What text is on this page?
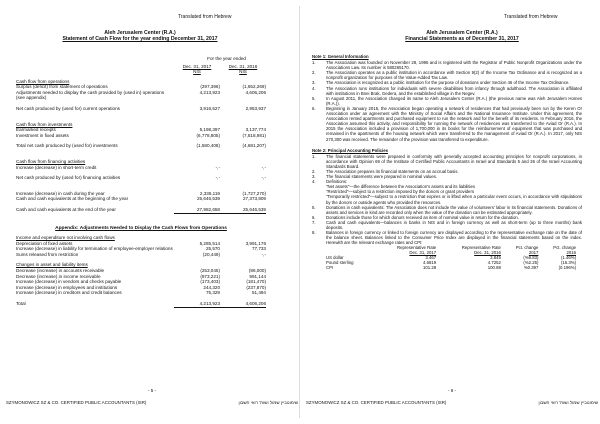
Translated from Hebrew
Aleh Jerusalem Center (R.A.)
Statement of Cash Flow for the year ending December 31, 2017
For the year ended
Dec. 31, 2017
NIS
Dec. 31, 2016
NIS
Cash flow from operations
Surplus (deficit) from statement of operations	(297,396)	(1,652,269)
Adjustments needed to display the cash provided by (used in) operations (see appendix)
4,213,923	4,606,206
Net cash produced by (used for) current operations	3,916,527	2,953,937
Cash flow from investments
Earmarked receipts	5,198,397	3,137,774
Investment in fixed assets	(6,778,805)	(7,818,981)
Total net cash produced by (used for) investments	(1,580,408)	(4,681,207)
Cash flow from financing activities
Increase (decrease) in short-term credit	-,-	-,-
Net cash produced by (used for) financing activities	-,-	-,-
Increase (decrease) in cash during the year	2,336,119	(1,727,270)
Cash and cash equivalents at the beginning of the year	25,646,539	27,373,809
Cash and cash equivalents at the end of the year	27,982,658	25,646,539
Appendix: Adjustments Needed to Display the Cash Flows from Operations
Income and expenditure not involving cash flows
Depreciation of fixed assets	5,285,514	3,991,176
Increase (decrease) in liability for termination of employee-employer relations	25,570	77,733
Sums released from restriction	(20,449)	-,-
Changes in asset and liability items
Decrease (increase) in accounts receivable	(253,045)	(86,000)
Decrease (increase) in income receivable	(973,221)	991,144
Increase (decrease) in vendors and checks payable	(173,403)	(181,470)
Increase (decrease) in employees and institutions	244,320	(237,870)
Increase (decrease) in creditors and credit balances	75,329	51,494
Total	4,213,923	4,606,206
- 5 -
SZYMONOWICZ SZ & CO. CERTIFIED PUBLIC ACCOUNTANTS (ISR)	שימונוביץ שמול ושות' רואי חשבון
Translated from Hebrew
Aleh Jerusalem Center (R.A.)
Financial Statements as of December 31, 2017
Note 1: General Information
1.	The Association was founded on November 28, 1995 and is registered with the Registrar of Public Nonprofit Organizations under the Associations Law. Its number is 580265170.
2.	The Association operates as a public institution in accordance with Section 9(2) of the Income Tax Ordinance and is recognized as a nonprofit organization for purposes of the Value-Added Tax Law.
3.	The Association is recognized as a public institution for the purpose of donations under Section 46 of the Income Tax Ordinance.
4.	The Association runs institutions for individuals with severe disabilities from infancy through adulthood. The Association is affiliated with institutions in Bnei Brak, Gedera, and the established village in the Negev.
5.	In August 2011, the Association changed its name to Aleh Jerusalem Center (R.A.) (the previous name was Aleh Jerusalem Homes (R.A.)).
6.	Beginning in January 2015, the Association began operating a network of residences that had previously been run by the Keren Or Association under an agreement with the Ministry of Social Affairs and the National Insurance Institute. Under this agreement, the Association rented apartments and purchased equipment to run the network and for the benefit of its residents. In February 2016, the Association assumed this activity, and responsibility for running the network of residences was transferred to the Aviad Or (R.A.). In 2015 the Association included a provision of 1,700,000 in its books for the reimbursement of equipment that was purchased and remained in the apartments of the housing network which were transferred to the management of Aviad Or (R.A.). In 2017, only NIS 270,300 was received. The remainder of the provision was transferred to expenditure.
Note 2: Principal Accounting Policies
1.	The financial statements were prepared in conformity with generally accepted accounting principles for nonprofit corporations, in accordance with Opinion 69 of the Institute of Certified Public Accountants in Israel and Standards 5 and 36 of the Israel Accounting Standards Board.
2.	The Association prepares its financial statements on an accrual basis.
3.	The financial statements were prepared in nominal values.
4.	Definitions:
"Net assets"—the difference between the Association's assets and its liabilities
"Restricted"—subject to a restriction imposed by the donors or grant providers
"Temporarily restricted"—subject to a restriction that expires or is lifted when a particular event occurs, in accordance with stipulations by the donors or outside agents who provided the resources.
5.	Donations in cash equivalents: The Association does not include the value of volunteers' labor in its financial statements. Donations of assets and services in kind are recorded only when the value of the donation can be estimated appropriately.
6.	Donations include those for which donors received an item of nominal value in return for the donation.
7.	Cash and cash equivalents—balances in banks in NIS and in foreign currency as well as short-term (up to three months) bank deposits.
8.	Balances in foreign currency or linked to foreign currency are displayed according to the representative exchange rate on the date of the balance sheet. Balances linked to the Consumer Price Index are displayed in the financial statements based on the index. Herewith are the relevant exchange rates and CPI:
	Representative Rate	Representative Rate	Pct. change	Pct. change
	Dec. 31, 2017	Dec. 31, 2016	2017	2016
US dollar	3.467	3.845	(%9.83)	(1.46%)
Pound sterling	4.6819	4.7252	(%2.25)	(16.3%)
CPI	101.28	100.88	%0.397	(0.196%)
- 6 -
SZYMONOWICZ SZ & CO. CERTIFIED PUBLIC ACCOUNTANTS (ISR)	שימונוביץ שמול ושות' רואי חשבון
